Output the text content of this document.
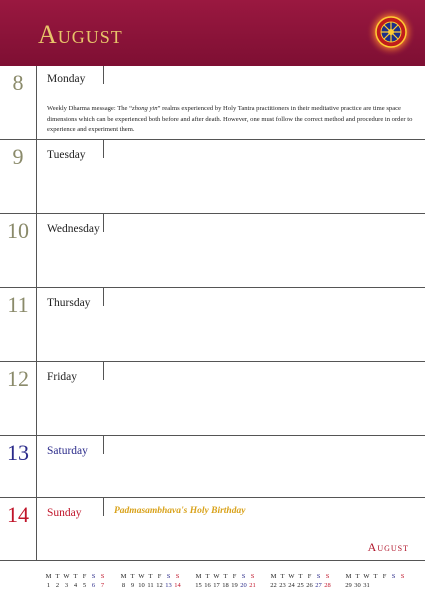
August
8	Monday
Weekly Dharma message: The “zhong yin” realms experienced by Holy Tantra practitioners in their meditative practice are time space dimensions which can be experienced both before and after death. However, one must follow the correct method and procedure in order to experience and experiment them.
9	Tuesday
10	Wednesday
11	Thursday
12	Friday
13	Saturday
14	Sunday	Padmasambhava's Holy Birthday
August
M T W T F S S
1 2 3 4 5 6 7
M T W T F S S
8 9 10 11 12 13 14
M T W T F S S
15 16 17 18 19 20 21
M T W T F S S
22 23 24 25 26 27 28
M T W T F S S
29 30 31
